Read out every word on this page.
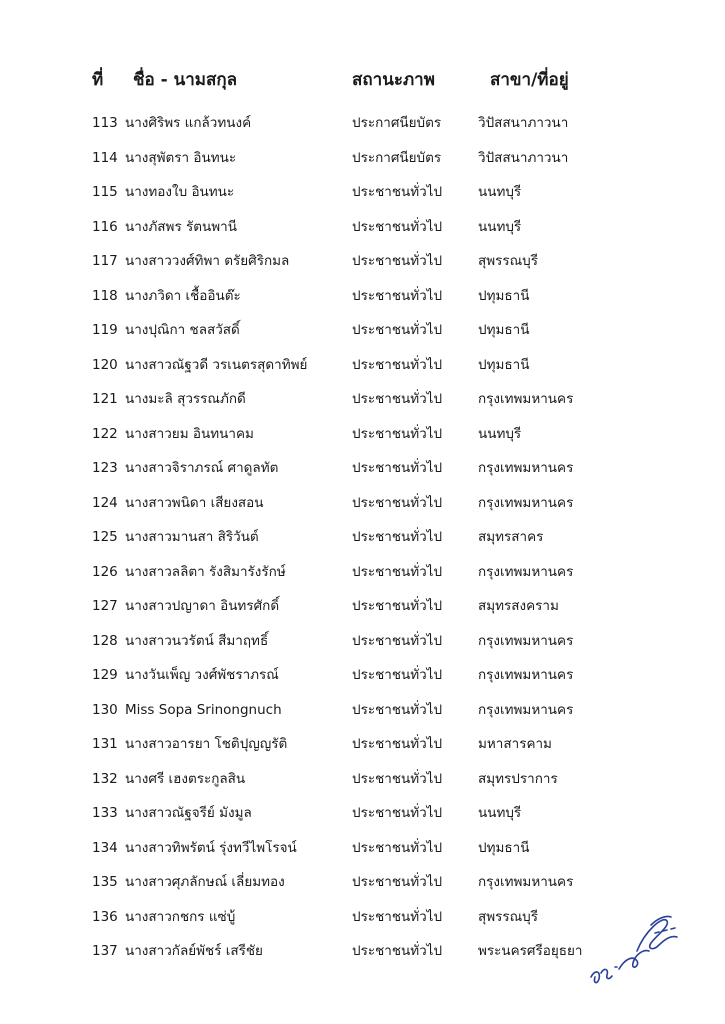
ที่ ชื่อ - นามสกุล	สถานะภาพ	สาขา/ที่อยู่
113 นางศิริพร แกล้วทนงค์	ประกาศนียบัตร	วิปัสสนาภาวนา
114 นางสุพัตรา อินทนะ	ประกาศนียบัตร	วิปัสสนาภาวนา
115 นางทองใบ อินทนะ	ประชาชนทั่วไป	นนทบุรี
116 นางภัสพร รัตนพานี	ประชาชนทั่วไป	นนทบุรี
117 นางสาววงศ์ทิพา ตรัยศิริกมล	ประชาชนทั่วไป	สุพรรณบุรี
118 นางภวิดา เชื้ออินต๊ะ	ประชาชนทั่วไป	ปทุมธานี
119 นางปุณิกา ชลสวัสดิ์	ประชาชนทั่วไป	ปทุมธานี
120 นางสาวณัฐวดี วรเนตรสุดาทิพย์	ประชาชนทั่วไป	ปทุมธานี
121 นางมะลิ สุวรรณภักดี	ประชาชนทั่วไป	กรุงเทพมหานคร
122 นางสาวยม อินทนาคม	ประชาชนทั่วไป	นนทบุรี
123 นางสาวจิราภรณ์ ศาดูลทัต	ประชาชนทั่วไป	กรุงเทพมหานคร
124 นางสาวพนิดา เสียงสอน	ประชาชนทั่วไป	กรุงเทพมหานคร
125 นางสาวมานสา สิริวันต์	ประชาชนทั่วไป	สมุทรสาคร
126 นางสาวลลิตา รังสิมารังรักษ์	ประชาชนทั่วไป	กรุงเทพมหานคร
127 นางสาวปญาดา อินทรศักดิ์	ประชาชนทั่วไป	สมุทรสงคราม
128 นางสาวนวรัตน์ สีมาฤทธิ์	ประชาชนทั่วไป	กรุงเทพมหานคร
129 นางวันเพ็ญ วงศ์พัชราภรณ์	ประชาชนทั่วไป	กรุงเทพมหานคร
130 Miss Sopa Srinongnuch	ประชาชนทั่วไป	กรุงเทพมหานคร
131 นางสาวอารยา โชติปุญญรัติ	ประชาชนทั่วไป	มหาสารคาม
132 นางศรี เฮงตระกูลสิน	ประชาชนทั่วไป	สมุทรปราการ
133 นางสาวณัฐจรีย์ มังมูล	ประชาชนทั่วไป	นนทบุรี
134 นางสาวทิพรัตน์ รุ่งทวีไพโรจน์	ประชาชนทั่วไป	ปทุมธานี
135 นางสาวศุภลักษณ์ เลี่ยมทอง	ประชาชนทั่วไป	กรุงเทพมหานคร
136 นางสาวกชกร แซ่บู้	ประชาชนทั่วไป	สุพรรณบุรี
137 นางสาวกัลย์พัชร์ เสรีชัย	ประชาชนทั่วไป	พระนครศรีอยุธยา
